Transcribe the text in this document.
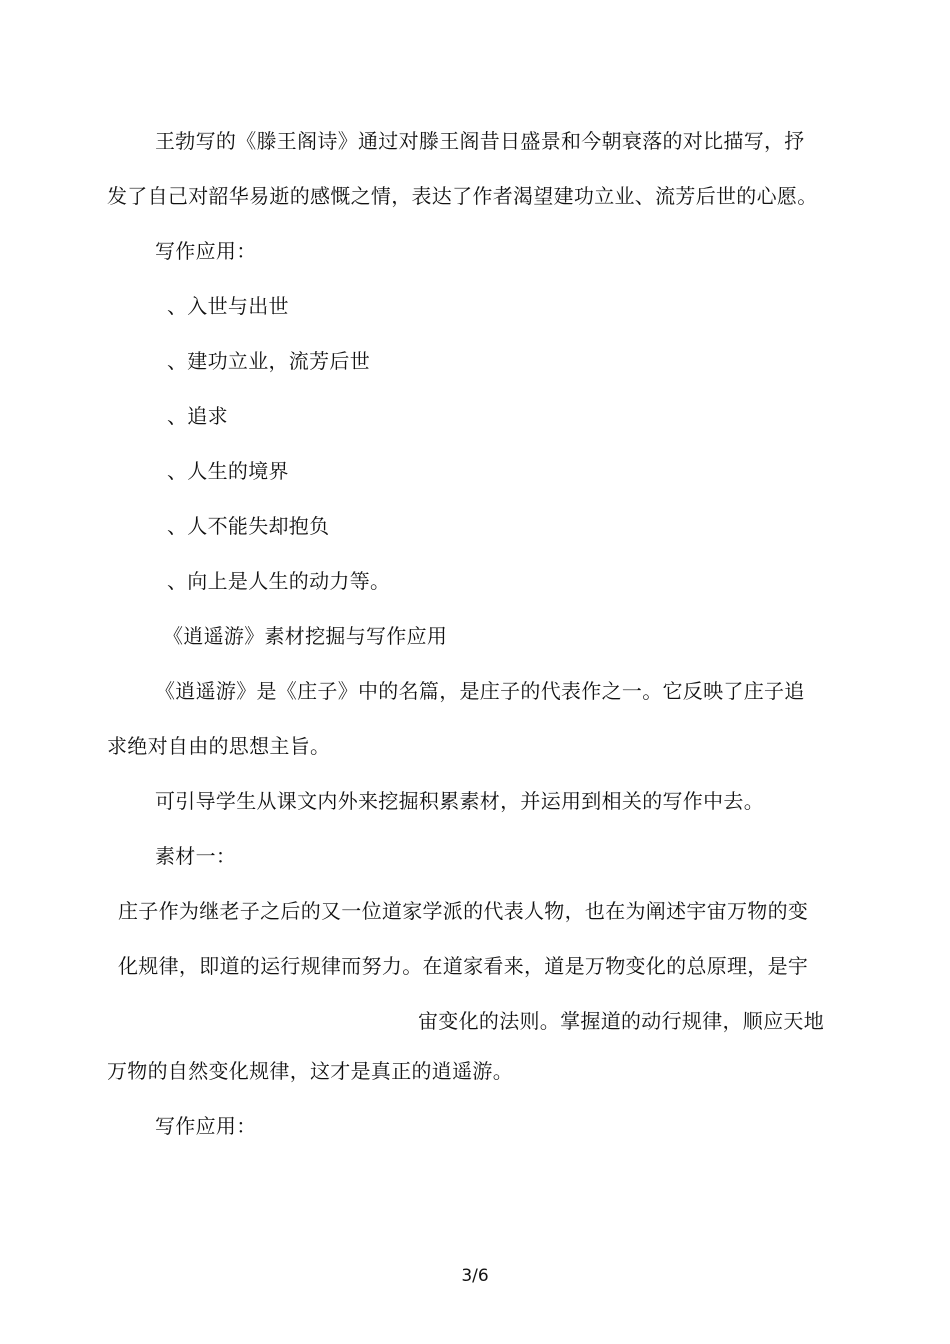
王勃写的《滕王阁诗》通过对滕王阁昔日盛景和今朝衰落的对比描写，抒
发了自己对韶华易逝的感慨之情，表达了作者渴望建功立业、流芳后世的心愿。
写作应用：
、入世与出世
、建功立业，流芳后世
、追求
、人生的境界
、人不能失却抱负
、向上是人生的动力等。
《逍遥游》素材挖掘与写作应用
《逍遥游》是《庄子》中的名篇，是庄子的代表作之一。它反映了庄子追
求绝对自由的思想主旨。
可引导学生从课文内外来挖掘积累素材，并运用到相关的写作中去。
素材一：
庄子作为继老子之后的又一位道家学派的代表人物，也在为阐述宇宙万物的变
化规律，即道的运行规律而努力。在道家看来，道是万物变化的总原理，是宇
宙变化的法则。掌握道的动行规律，顺应天地
万物的自然变化规律，这才是真正的逍遥游。
写作应用：
3/6
